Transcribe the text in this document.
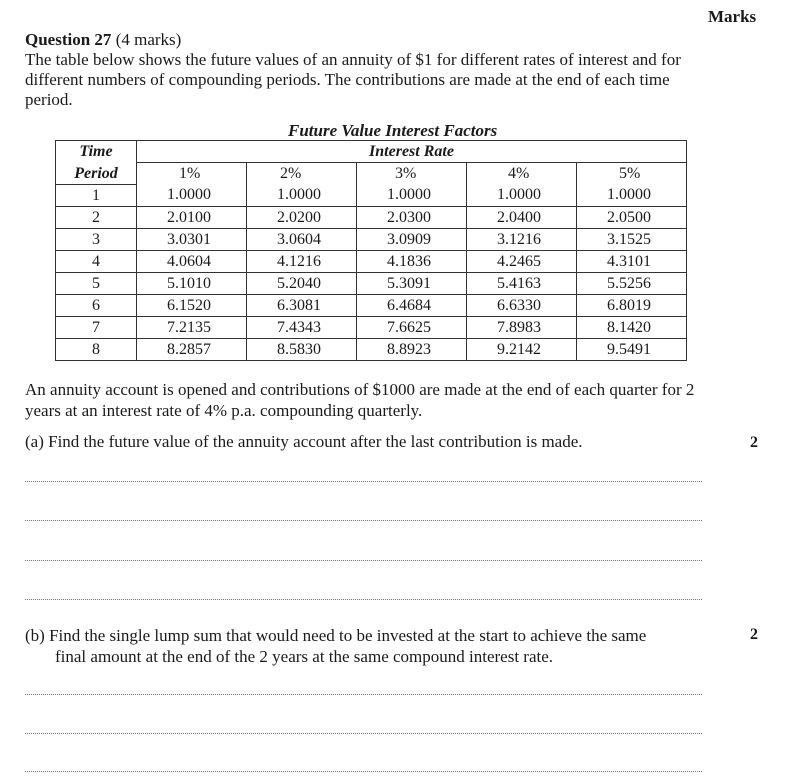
Marks
Question 27 (4 marks)
The table below shows the future values of an annuity of $1 for different rates of interest and for different numbers of compounding periods. The contributions are made at the end of each time period.
Future Value Interest Factors
Time	Interest Rate				
Period	1%	2%	3%	4%	5%
1	1.0000	1.0000	1.0000	1.0000	1.0000
2	2.0100	2.0200	2.0300	2.0400	2.0500
3	3.0301	3.0604	3.0909	3.1216	3.1525
4	4.0604	4.1216	4.1836	4.2465	4.3101
5	5.1010	5.2040	5.3091	5.4163	5.5256
6	6.1520	6.3081	6.4684	6.6330	6.8019
7	7.2135	7.4343	7.6625	7.8983	8.1420
8	8.2857	8.5830	8.8923	9.2142	9.5491
An annuity account is opened and contributions of $1000 are made at the end of each quarter for 2 years at an interest rate of 4% p.a. compounding quarterly.
(a) Find the future value of the annuity account after the last contribution is made.	2
(b) Find the single lump sum that would need to be invested at the start to achieve the same
final amount at the end of the 2 years at the same compound interest rate.
2
